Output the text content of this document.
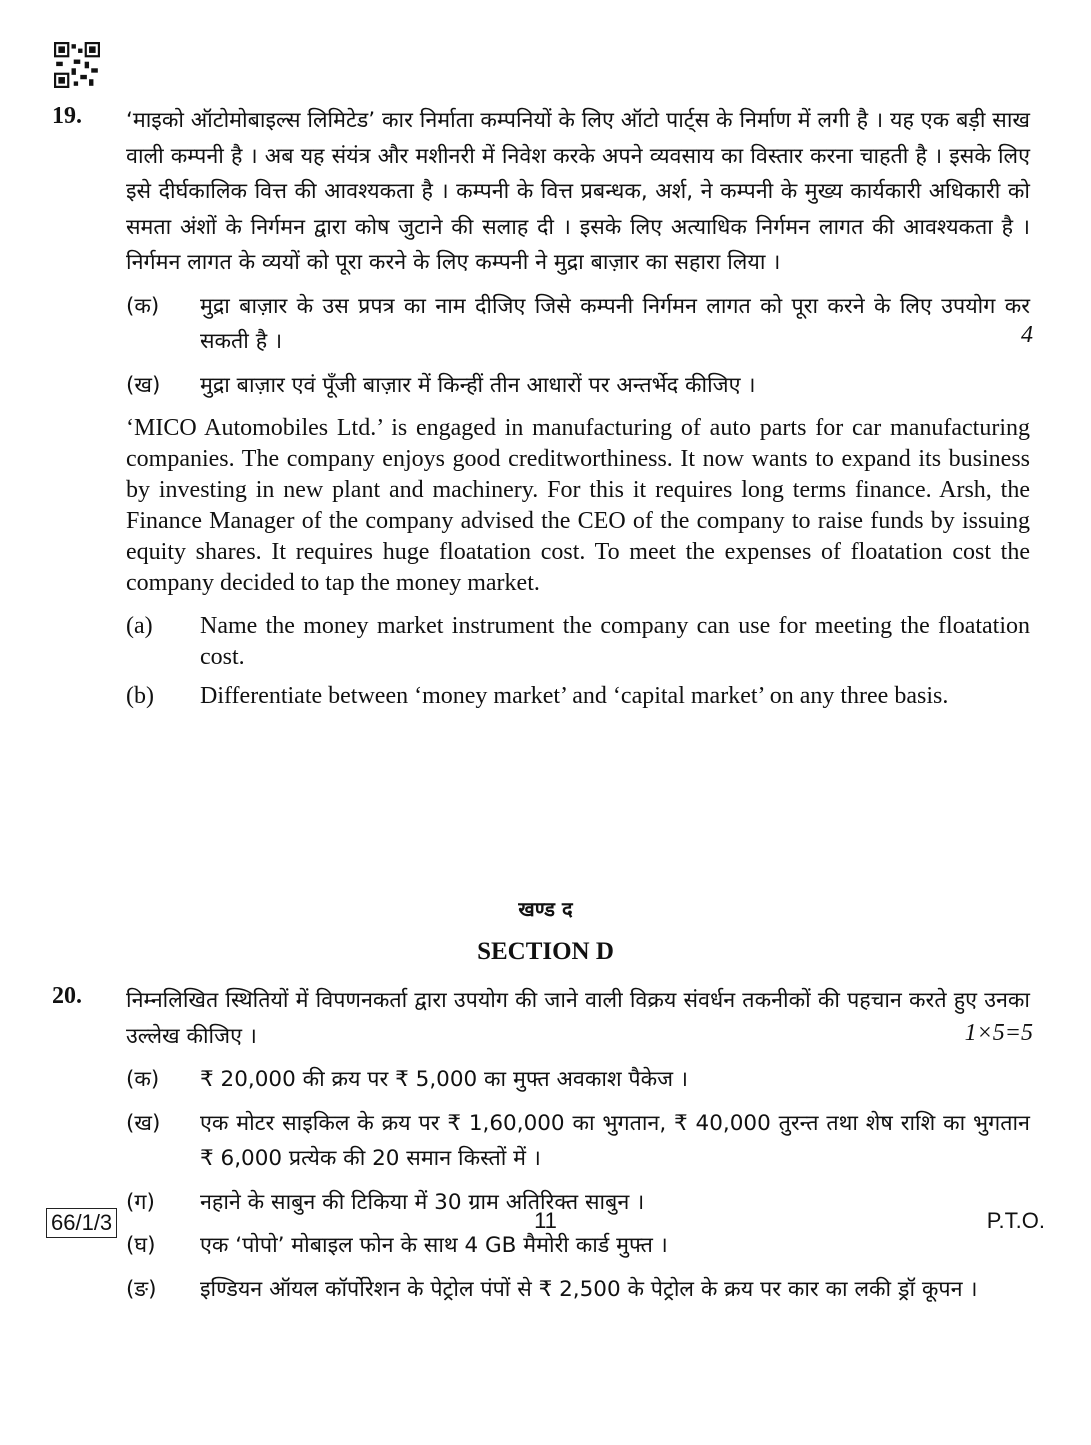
19. ‘माइको ऑटोमोबाइल्स लिमिटेड’ कार निर्माता कम्पनियों के लिए ऑटो पार्ट्स के निर्माण में लगी है । यह एक बड़ी साख वाली कम्पनी है । अब यह संयंत्र और मशीनरी में निवेश करके अपने व्यवसाय का विस्तार करना चाहती है । इसके लिए इसे दीर्घकालिक वित्त की आवश्यकता है । कम्पनी के वित्त प्रबन्धक, अर्श, ने कम्पनी के मुख्य कार्यकारी अधिकारी को समता अंशों के निर्गमन द्वारा कोष जुटाने की सलाह दी । इसके लिए अत्याधिक निर्गमन लागत की आवश्यकता है । निर्गमन लागत के व्ययों को पूरा करने के लिए कम्पनी ने मुद्रा बाज़ार का सहारा लिया ।

(क)	मुद्रा बाज़ार के उस प्रपत्र का नाम दीजिए जिसे कम्पनी निर्गमन लागत को पूरा करने के लिए उपयोग कर सकती है ।
(ख)	मुद्रा बाज़ार एवं पूँजी बाज़ार में किन्हीं तीन आधारों पर अन्तर्भेद कीजिए ।

‘MICO Automobiles Ltd.’ is engaged in manufacturing of auto parts for car manufacturing companies. The company enjoys good creditworthiness. It now wants to expand its business by investing in new plant and machinery. For this it requires long terms finance. Arsh, the Finance Manager of the company advised the CEO of the company to raise funds by issuing equity shares. It requires huge floatation cost. To meet the expenses of floatation cost the company decided to tap the money market.

(a)	Name the money market instrument the company can use for meeting the floatation cost.
(b)	Differentiate between ‘money market’ and ‘capital market’ on any three basis.
4
खण्ड द
SECTION D
20. निम्नलिखित स्थितियों में विपणनकर्ता द्वारा उपयोग की जाने वाली विक्रय संवर्धन तकनीकों की पहचान करते हुए उनका उल्लेख कीजिए ।

(क)	₹ 20,000 की क्रय पर ₹ 5,000 का मुफ्त अवकाश पैकेज ।
(ख)	एक मोटर साइकिल के क्रय पर ₹ 1,60,000 का भुगतान, ₹ 40,000 तुरन्त तथा शेष राशि का भुगतान ₹ 6,000 प्रत्येक की 20 समान किस्तों में ।
(ग)	नहाने के साबुन की टिकिया में 30 ग्राम अतिरिक्त साबुन ।
(घ)	एक ‘पोपो’ मोबाइल फोन के साथ 4 GB मैमोरी कार्ड मुफ्त ।
(ङ)	इण्डियन ऑयल कॉर्पोरेशन के पेट्रोल पंपों से ₹ 2,500 के पेट्रोल के क्रय पर कार का लकी ड्रॉ कूपन ।
1×5=5
66/1/3	11	P.T.O.
